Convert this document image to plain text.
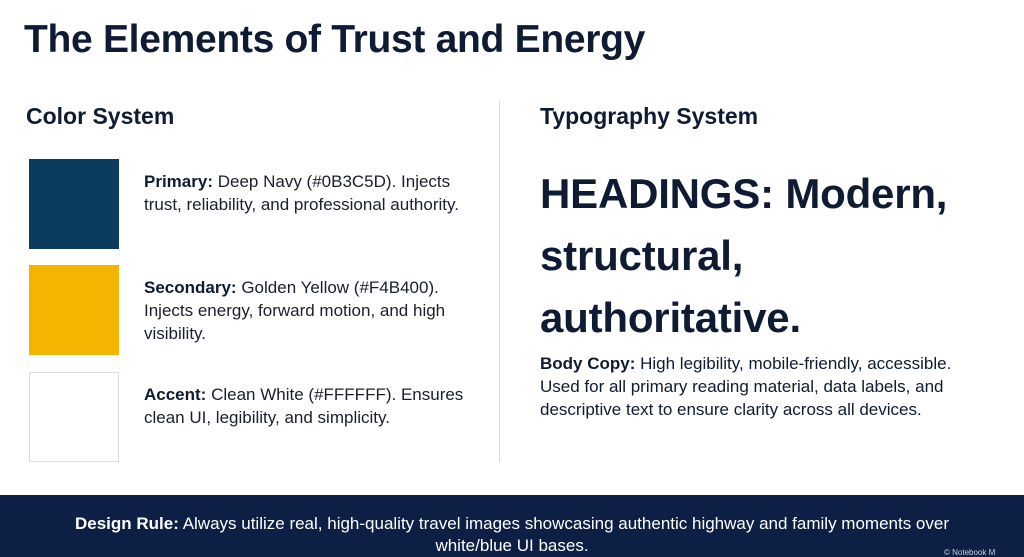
The Elements of Trust and Energy
Color System	Typography System
Primary: Deep Navy (#0B3C5D). Injects trust, reliability, and professional authority.
Secondary: Golden Yellow (#F4B400). Injects energy, forward motion, and high visibility.
Accent: Clean White (#FFFFFF). Ensures clean UI, legibility, and simplicity.
HEADINGS: Modern, structural, authoritative.
Body Copy: High legibility, mobile-friendly, accessible. Used for all primary reading material, data labels, and descriptive text to ensure clarity across all devices.
Design Rule: Always utilize real, high-quality travel images showcasing authentic highway and family moments over white/blue UI bases.	© Notebook M
